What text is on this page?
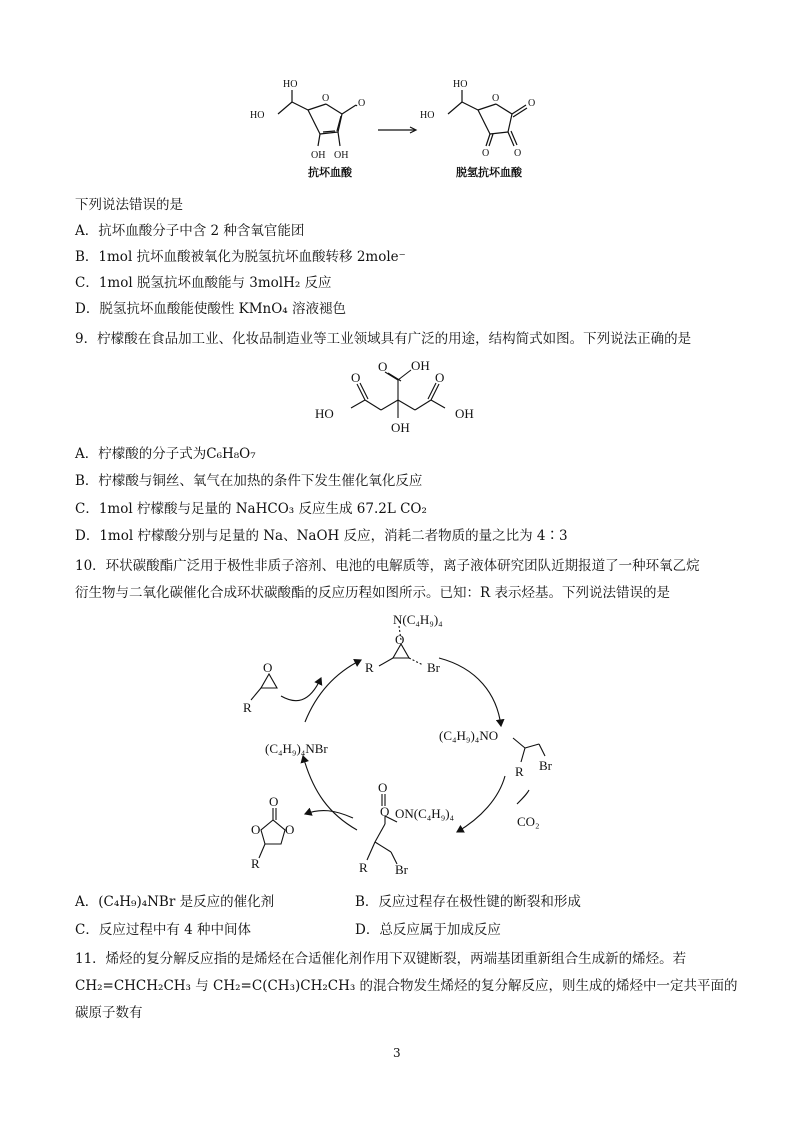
HO
HO
O	O
OH OH
HO
HO
O	O
O O
抗坏血酸	脱氢抗坏血酸
下列说法错误的是
A．抗坏血酸分子中含 2 种含氧官能团
B．1mol 抗坏血酸被氧化为脱氢抗坏血酸转移 2mole⁻
C．1mol 脱氢抗坏血酸能与 3molH₂ 反应
D．脱氢抗坏血酸能使酸性 KMnO₄ 溶液褪色
9．柠檬酸在食品加工业、化妆品制造业等工业领域具有广泛的用途，结构简式如图。下列说法正确的是
O OH
O	O
HO	OH
OH
A．柠檬酸的分子式为C₆H₈O₇
B．柠檬酸与铜丝、氧气在加热的条件下发生催化氧化反应
C．1mol 柠檬酸与足量的 NaHCO₃ 反应生成 67.2L CO₂
D．1mol 柠檬酸分别与足量的 Na、NaOH 反应，消耗二者物质的量之比为 4∶3
10．环状碳酸酯广泛用于极性非质子溶剂、电池的电解质等，离子液体研究团队近期报道了一种环氧乙烷
衍生物与二氧化碳催化合成环状碳酸酯的反应历程如图所示。已知：R 表示烃基。下列说法错误的是
N(C₄H₉)₄
O
R	Br
O
R
(C₄H₉)₄NO
R Br
(C₄H₉)₄NBr
CO₂
O
O ON(C₄H₉)₄
R Br
O
O O
R
A．(C₄H₉)₄NBr 是反应的催化剂	B．反应过程存在极性键的断裂和形成
C．反应过程中有 4 种中间体	D．总反应属于加成反应
11．烯烃的复分解反应指的是烯烃在合适催化剂作用下双键断裂，两端基团重新组合生成新的烯烃。若
CH₂=CHCH₂CH₃ 与 CH₂=C(CH₃)CH₂CH₃ 的混合物发生烯烃的复分解反应，则生成的烯烃中一定共平面的
碳原子数有
3
